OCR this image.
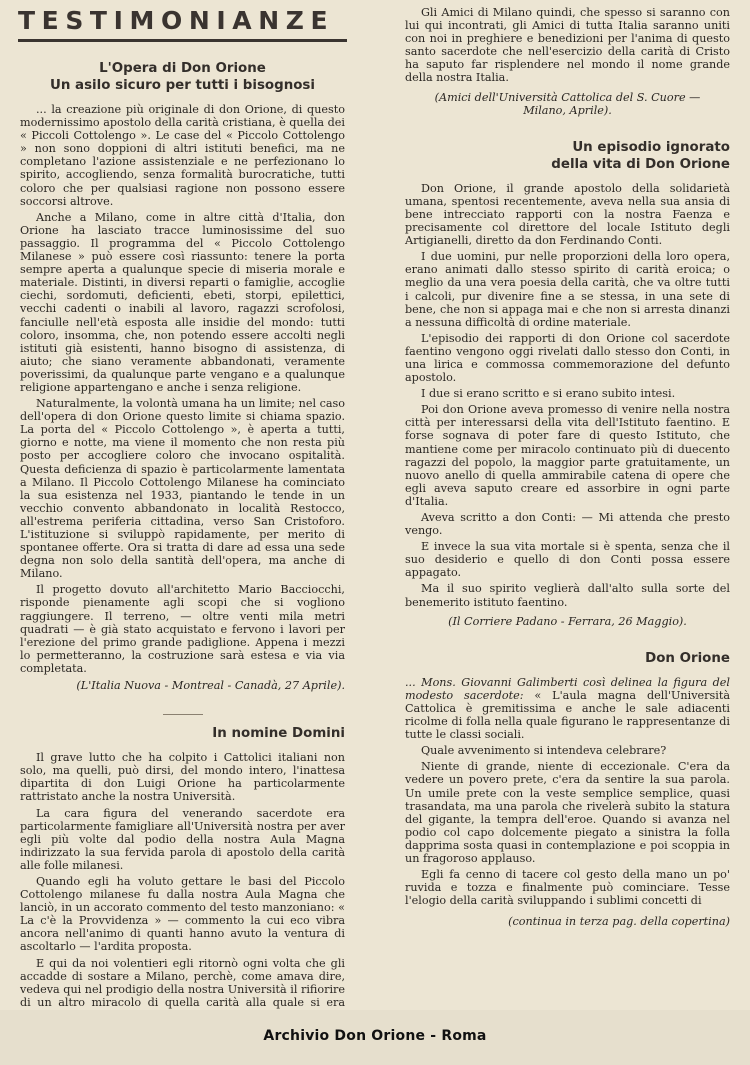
TESTIMONIANZE
L'Opera di Don Orione
Un asilo sicuro per tutti i bisognosi

... la creazione più originale di don Orione, di questo modernissimo apostolo della carità cristiana, è quella dei « Piccoli Cottolengo ». Le case del « Piccolo Cottolengo » non sono doppioni di altri istituti benefici, ma ne completano l'azione assistenziale e ne perfezionano lo spirito, accogliendo, senza formalità burocratiche, tutti coloro che per qualsiasi ragione non possono essere soccorsi altrove.

Anche a Milano, come in altre città d'Italia, don Orione ha lasciato tracce luminosissime del suo passaggio. Il programma del « Piccolo Cottolengo Milanese » può essere così riassunto: tenere la porta sempre aperta a qualunque specie di miseria morale e materiale. Distinti, in diversi reparti o famiglie, accoglie ciechi, sordomuti, deficienti, ebeti, storpi, epilettici, vecchi cadenti o inabili al lavoro, ragazzi scrofolosi, fanciulle nell'età esposta alle insidie del mondo: tutti coloro, insomma, che, non potendo essere accolti negli istituti già esistenti, hanno bisogno di assistenza, di aiuto; che siano veramente abbandonati, veramente poverissimi, da qualunque parte vengano e a qualunque religione appartengano e anche i senza religione.

Naturalmente, la volontà umana ha un limite; nel caso dell'opera di don Orione questo limite si chiama spazio. La porta del « Piccolo Cottolengo », è aperta a tutti, giorno e notte, ma viene il momento che non resta più posto per accogliere coloro che invocano ospitalità. Questa deficienza di spazio è particolarmente lamentata a Milano. Il Piccolo Cottolengo Milanese ha cominciato la sua esistenza nel 1933, piantando le tende in un vecchio convento abbandonato in località Restocco, all'estrema periferia cittadina, verso San Cristoforo. L'istituzione si sviluppò rapidamente, per merito di spontanee offerte. Ora si tratta di dare ad essa una sede degna non solo della santità dell'opera, ma anche di Milano.

Il progetto dovuto all'architetto Mario Bacciocchi, risponde pienamente agli scopi che si vogliono raggiungere. Il terreno, — oltre venti mila metri quadrati — è già stato acquistato e fervono i lavori per l'erezione del primo grande padiglione. Appena i mezzi lo permetteranno, la costruzione sarà estesa e via via completata.

(L'Italia Nuova - Montreal - Canadà, 27 Aprile).

In nomine Domini

Il grave lutto che ha colpito i Cattolici italiani non solo, ma quelli, può dirsi, del mondo intero, l'inattesa dipartita di don Luigi Orione ha particolarmente rattristato anche la nostra Università.

La cara figura del venerando sacerdote era particolarmente famigliare all'Università nostra per aver egli più volte dal podio della nostra Aula Magna indirizzato la sua fervida parola di apostolo della carità alle folle milanesi.

Quando egli ha voluto gettare le basi del Piccolo Cottolengo milanese fu dalla nostra Aula Magna che lanciò, in un accorato commento del testo manzoniano: « La c'è la Provvidenza » — commento la cui eco vibra ancora nell'animo di quanti hanno avuto la ventura di ascoltarlo — l'ardita proposta.

E qui da noi volentieri egli ritornò ogni volta che gli accadde di sostare a Milano, perchè, come amava dire, vedeva qui nel prodigio della nostra Università il rifiorire di un altro miracolo di quella carità alla quale si era

Gli Amici di Milano quindi, che spesso si saranno con lui qui incontrati, gli Amici di tutta Italia saranno uniti con noi in preghiere e benedizioni per l'anima di questo santo sacerdote che nell'esercizio della carità di Cristo ha saputo far risplendere nel mondo il nome grande della nostra Italia.

(Amici dell'Università Cattolica del S. Cuore —
Milano, Aprile).
Un episodio ignorato
della vita di Don Orione

Don Orione, il grande apostolo della solidarietà umana, spentosi recentemente, aveva nella sua ansia di bene intrecciato rapporti con la nostra Faenza e precisamente col direttore del locale Istituto degli Artigianelli, diretto da don Ferdinando Conti.

I due uomini, pur nelle proporzioni della loro opera, erano animati dallo stesso spirito di carità eroica; o meglio da una vera poesia della carità, che va oltre tutti i calcoli, pur divenire fine a se stessa, in una sete di bene, che non si appaga mai e che non si arresta dinanzi a nessuna difficoltà di ordine materiale.

L'episodio dei rapporti di don Orione col sacerdote faentino vengono oggi rivelati dallo stesso don Conti, in una lirica e commossa commemorazione del defunto apostolo.

I due si erano scritto e si erano subito intesi.

Poi don Orione aveva promesso di venire nella nostra città per interessarsi della vita dell'Istituto faentino. E forse sognava di poter fare di questo Istituto, che mantiene come per miracolo continuato più di duecento ragazzi del popolo, la maggior parte gratuitamente, un nuovo anello di quella ammirabile catena di opere che egli aveva saputo creare ed assorbire in ogni parte d'Italia.

Aveva scritto a don Conti: — Mi attenda che presto vengo.

E invece la sua vita mortale si è spenta, senza che il suo desiderio e quello di don Conti possa essere appagato.

Ma il suo spirito veglierà dall'alto sulla sorte del benemerito istituto faentino.

(Il Corriere Padano - Ferrara, 26 Maggio).

Don Orione

... Mons. Giovanni Galimberti così delinea la figura del modesto sacerdote: « L'aula magna dell'Università Cattolica è gremitissima e anche le sale adiacenti ricolme di folla nella quale figurano le rappresentanze di tutte le classi sociali.

Quale avvenimento si intendeva celebrare?

Niente di grande, niente di eccezionale. C'era da vedere un povero prete, c'era da sentire la sua parola. Un umile prete con la veste semplice semplice, quasi trasandata, ma una parola che rivelerà subito la statura del gigante, la tempra dell'eroe. Quando si avanza nel podio col capo dolcemente piegato a sinistra la folla dapprima sosta quasi in contemplazione e poi scoppia in un fragoroso applauso.

Egli fa cenno di tacere col gesto della mano un po' ruvida e tozza e finalmente può cominciare. Tesse l'elogio della carità sviluppando i sublimi concetti di

(continua in terza pag. della copertina)

Archivio Don Orione - Roma
